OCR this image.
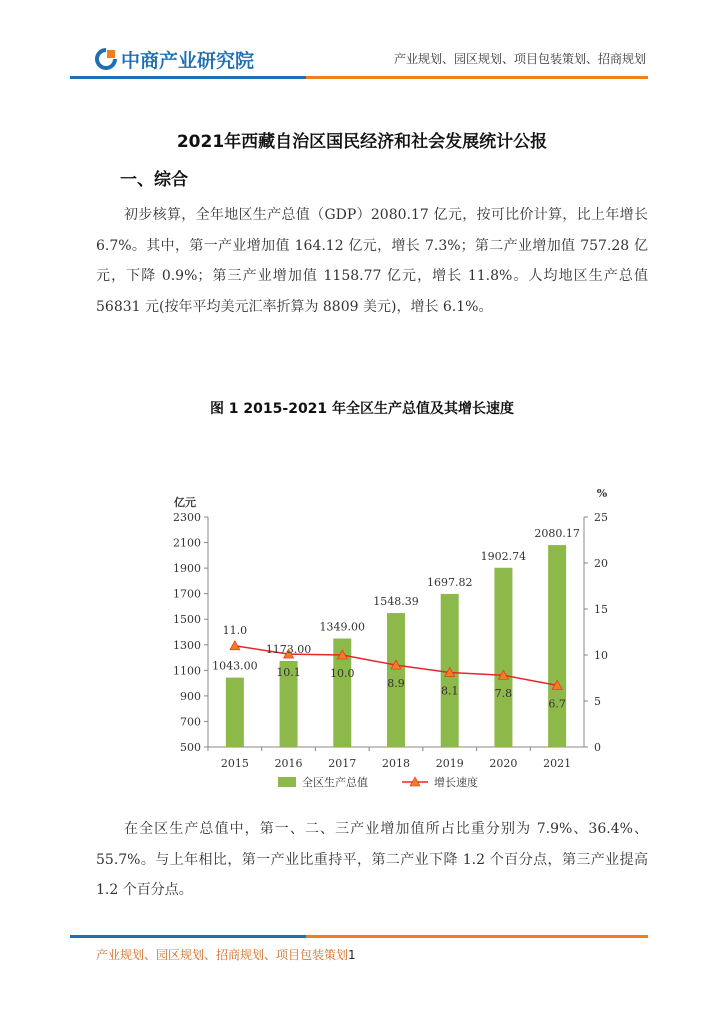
中商产业研究院	产业规划、园区规划、项目包装策划、招商规划
2021年西藏自治区国民经济和社会发展统计公报
一、综合

初步核算，全年地区生产总值（GDP）2080.17 亿元，按可比价计算，比上年增长 6.7%。其中，第一产业增加值 164.12 亿元，增长 7.3%；第二产业增加值 757.28 亿元，下降 0.9%；第三产业增加值 1158.77 亿元，增长 11.8%。人均地区生产总值 56831 元(按年平均美元汇率折算为 8809 美元)，增长 6.1%。

图 1 2015-2021 年全区生产总值及其增长速度
500
700
900
1100
1300
1500
1700
1900
2100
2300
亿元
0
5
10
15
20
25
%
2015 2016 2017 2018 2019 2020 2021
1043.00
1173.00
1349.00
1548.39
1697.82
1902.74
2080.17
11.0
10.1	10.0
8.9
8.1	7.8
6.7
全区生产总值	增长速度

在全区生产总值中，第一、二、三产业增加值所占比重分别为 7.9%、36.4%、55.7%。与上年相比，第一产业比重持平，第二产业下降 1.2 个百分点，第三产业提高 1.2 个百分点。

产业规划、园区规划、招商规划、项目包装策划1
